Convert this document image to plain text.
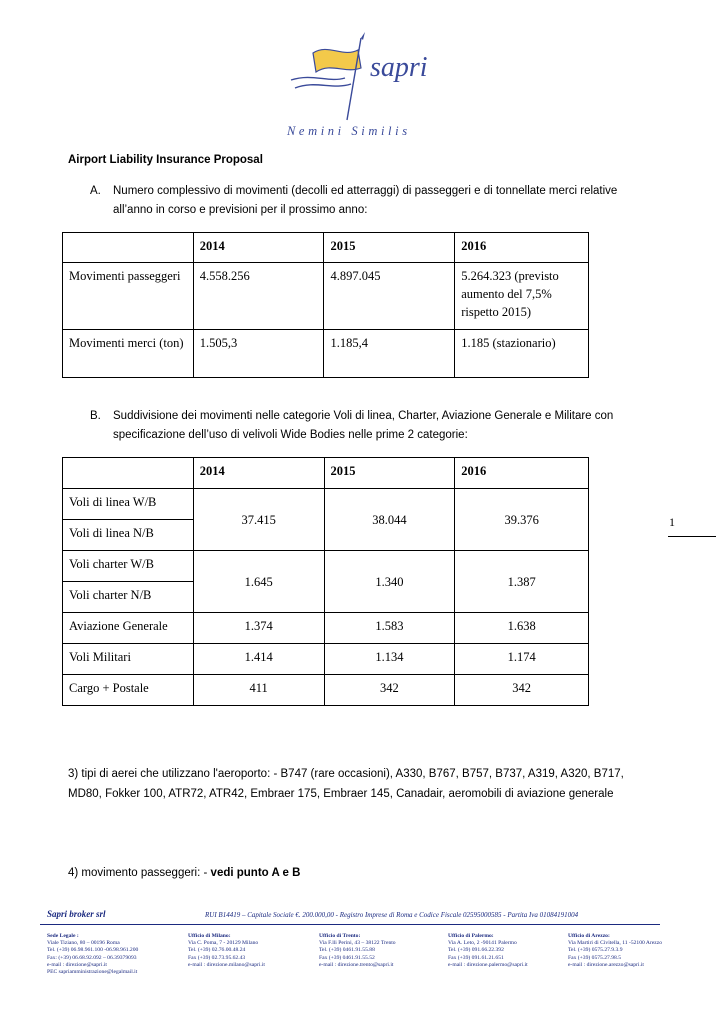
sapri
Nemini Similis
Airport Liability Insurance Proposal
A. Numero complessivo di movimenti (decolli ed atterraggi) di passeggeri e di tonnellate merci relative all’anno in corso e previsioni per il prossimo anno:
	2014	2015	2016
Movimenti passeggeri	4.558.256	4.897.045	5.264.323 (previsto aumento del 7,5% rispetto 2015)
Movimenti merci (ton)	1.505,3	1.185,4	1.185 (stazionario)
B. Suddivisione dei movimenti nelle categorie Voli di linea, Charter, Aviazione Generale e Militare con specificazione dell’uso di velivoli Wide Bodies nelle prime 2 categorie:
	2014	2015	2016
Voli di linea W/B	37.415	38.044	39.376
Voli di linea N/B			
Voli charter W/B	1.645	1.340	1.387
Voli charter N/B			
Aviazione Generale	1.374	1.583	1.638
Voli Militari	1.414	1.134	1.174
Cargo + Postale	411	342	342
1
3) tipi di aerei che utilizzano l'aeroporto: - B747 (rare occasioni), A330, B767, B757, B737, A319, A320, B717, MD80, Fokker 100, ATR72, ATR42, Embraer 175, Embraer 145, Canadair, aeromobili di aviazione generale
4) movimento passeggeri: - vedi punto A e B
Sapri broker srl	RUI B14419 – Capitale Sociale €. 200.000,00 - Registro Imprese di Roma e Codice Fiscale 02595000585 - Partita Iva 01084191004
Sede Legale :
Viale Tiziano, 80 – 00196 Roma
Tel. (+39) 06.98.961.100 -06.98.961.200
Fax: (+39) 06.68.92.092 – 06.39379093
e-mail : direzione@sapri.it
PEC sapriamministrazione@legalmail.it
Ufficio di Milano:
Via C. Poma, 7 - 20129 Milano
Tel. (+39) 02.76.00.48.24
Fax (+39) 02.73.95.62.43
e-mail : direzione.milano@sapri.it
Ufficio di Trento:
Via F.lli Perini, 43 – 38122 Trento
Tel. (+39) 0461.91.55.88
Fax (+39) 0461.91.55.52
e-mail : direzione.trento@sapri.it
Ufficio di Palermo:
Via A. Leto, 2 -90141 Palermo
Tel. (+39) 091.66.22.392
Fax (+39) 091.61.21.651
e-mail : direzione.palermo@sapri.it
Ufficio di Arezzo:
Via Martiri di Civitella, 11 -52100 Arezzo
Tel. (+39) 0575.27.9.3.9
Fax (+39) 0575.27.98.5
e-mail : direzione.arezzo@sapri.it
